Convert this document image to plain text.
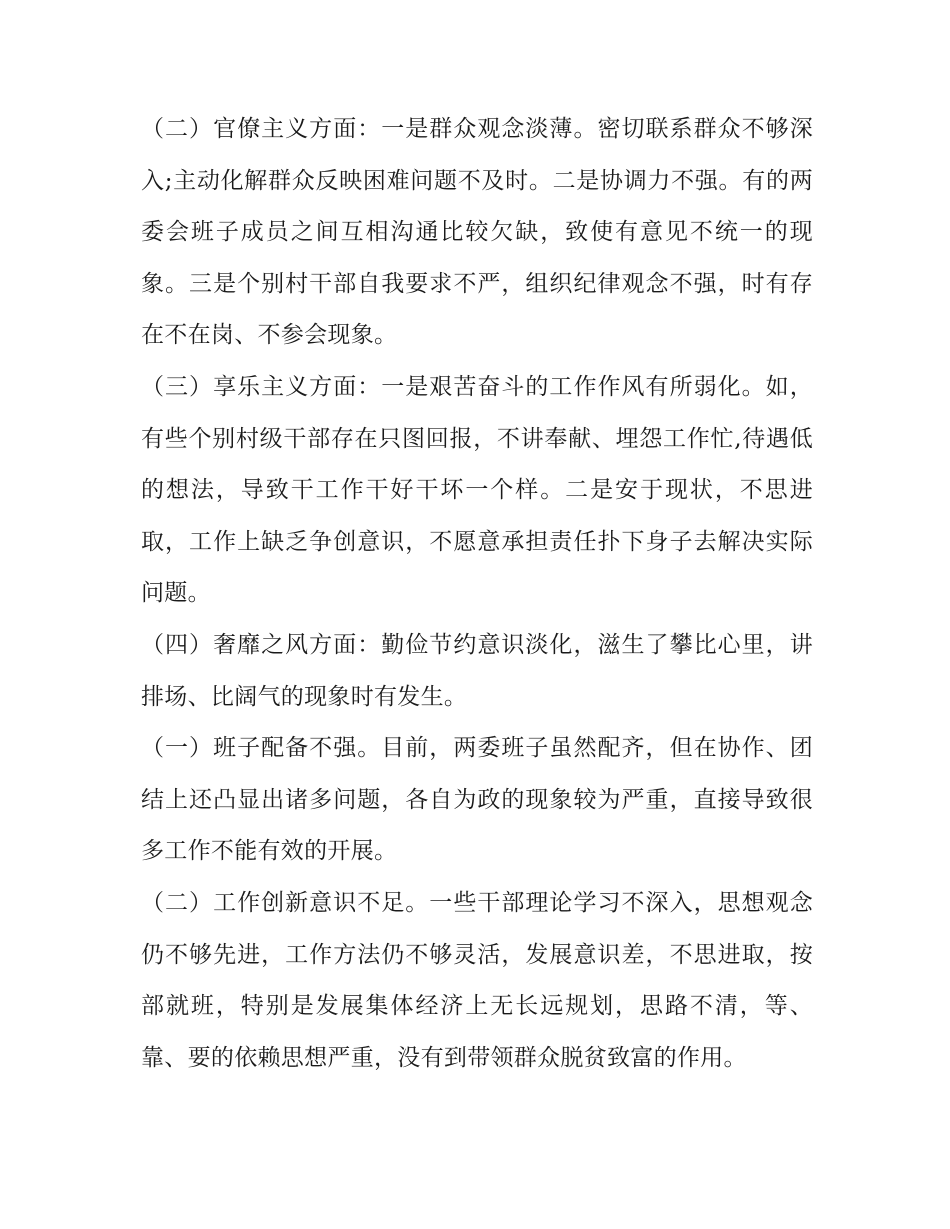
（二）官僚主义方面：一是群众观念淡薄。密切联系群众不够深入;主动化解群众反映困难问题不及时。二是协调力不强。有的两委会班子成员之间互相沟通比较欠缺，致使有意见不统一的现象。三是个别村干部自我要求不严，组织纪律观念不强，时有存在不在岗、不参会现象。

（三）享乐主义方面：一是艰苦奋斗的工作作风有所弱化。如，有些个别村级干部存在只图回报，不讲奉献、埋怨工作忙,待遇低的想法，导致干工作干好干坏一个样。二是安于现状，不思进取，工作上缺乏争创意识，不愿意承担责任扑下身子去解决实际问题。

（四）奢靡之风方面：勤俭节约意识淡化，滋生了攀比心里，讲排场、比阔气的现象时有发生。

（一）班子配备不强。目前，两委班子虽然配齐，但在协作、团结上还凸显出诸多问题，各自为政的现象较为严重，直接导致很多工作不能有效的开展。

（二）工作创新意识不足。一些干部理论学习不深入，思想观念仍不够先进，工作方法仍不够灵活，发展意识差，不思进取，按部就班，特别是发展集体经济上无长远规划，思路不清，等、靠、要的依赖思想严重，没有到带领群众脱贫致富的作用。
